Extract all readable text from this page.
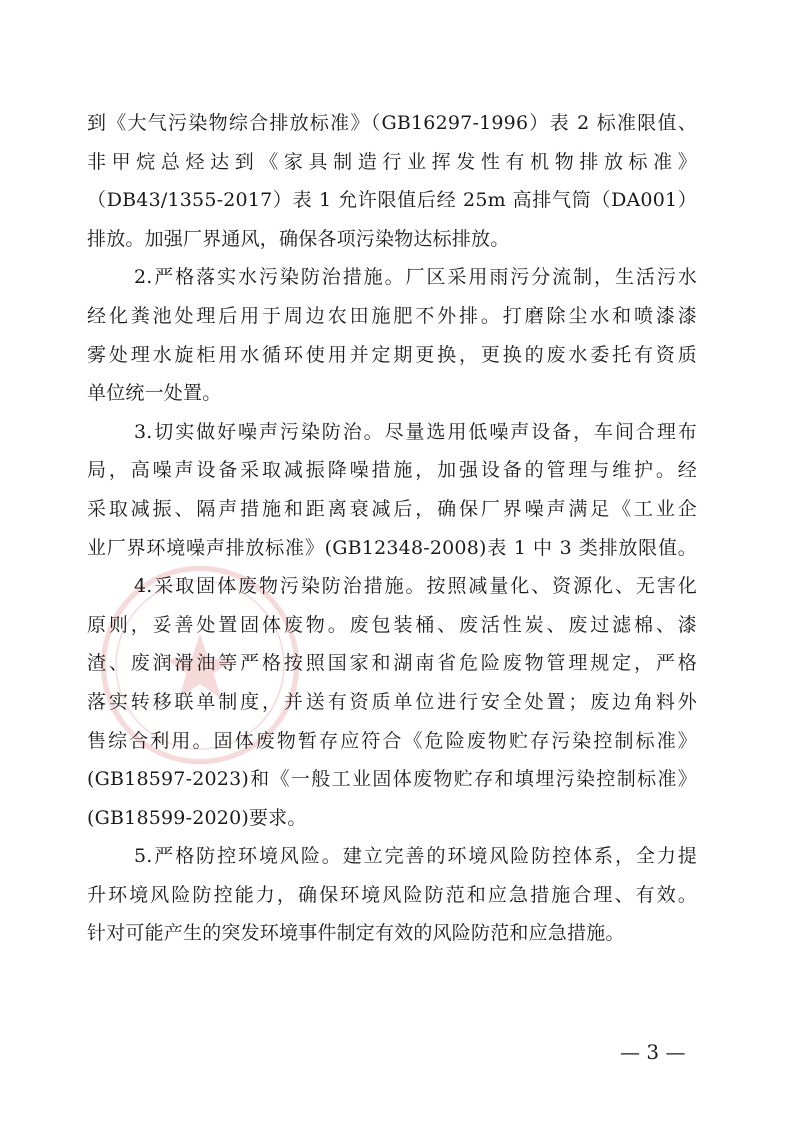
到《大气污染物综合排放标准》（GB16297-1996）表 2 标准限值、
非甲烷总烃达到《家具制造行业挥发性有机物排放标准》
（DB43/1355-2017）表 1 允许限值后经 25m 高排气筒（DA001）
排放。加强厂界通风，确保各项污染物达标排放。
2.严格落实水污染防治措施。厂区采用雨污分流制，生活污水
经化粪池处理后用于周边农田施肥不外排。打磨除尘水和喷漆漆
雾处理水旋柜用水循环使用并定期更换，更换的废水委托有资质
单位统一处置。
3.切实做好噪声污染防治。尽量选用低噪声设备，车间合理布
局，高噪声设备采取减振降噪措施，加强设备的管理与维护。经
采取减振、隔声措施和距离衰减后，确保厂界噪声满足《工业企
业厂界环境噪声排放标准》(GB12348-2008)表 1 中 3 类排放限值。
4.采取固体废物污染防治措施。按照减量化、资源化、无害化
原则，妥善处置固体废物。废包装桶、废活性炭、废过滤棉、漆
渣、废润滑油等严格按照国家和湖南省危险废物管理规定，严格
落实转移联单制度，并送有资质单位进行安全处置；废边角料外
售综合利用。固体废物暂存应符合《危险废物贮存污染控制标准》
(GB18597-2023)和《一般工业固体废物贮存和填埋污染控制标准》
(GB18599-2020)要求。
5.严格防控环境风险。建立完善的环境风险防控体系，全力提
升环境风险防控能力，确保环境风险防范和应急措施合理、有效。
针对可能产生的突发环境事件制定有效的风险防范和应急措施。
— 3 —
